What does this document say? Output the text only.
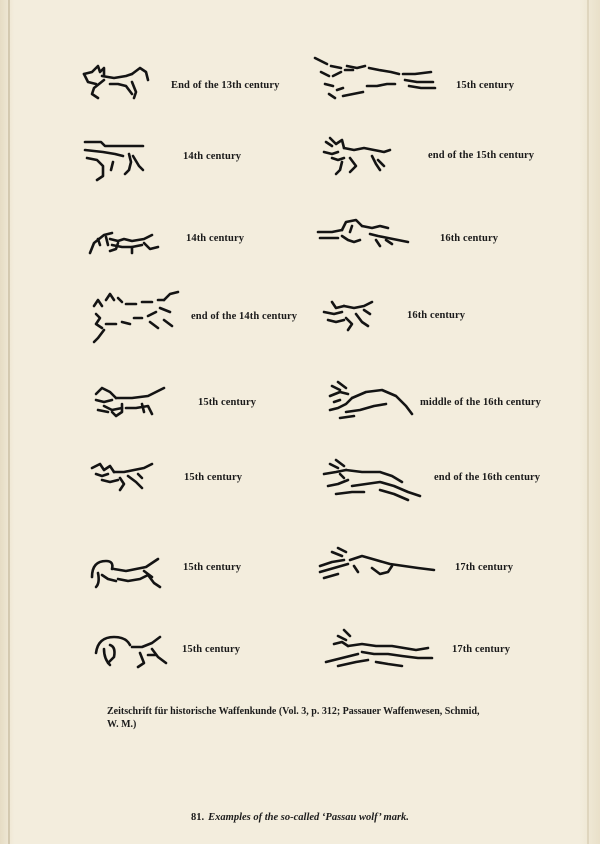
End of the 13th century
14th century
14th century
end of the 14th century
15th century
15th century
15th century
15th century
15th century
end of the 15th century
16th century
16th century
middle of the 16th century
end of the 16th century
17th century
17th century
Zeitschrift für historische Waffenkunde (Vol. 3, p. 312; Passauer Waffenwesen, Schmid, W. M.)
81. Examples of the so-called ‘Passau wolf’ mark.
